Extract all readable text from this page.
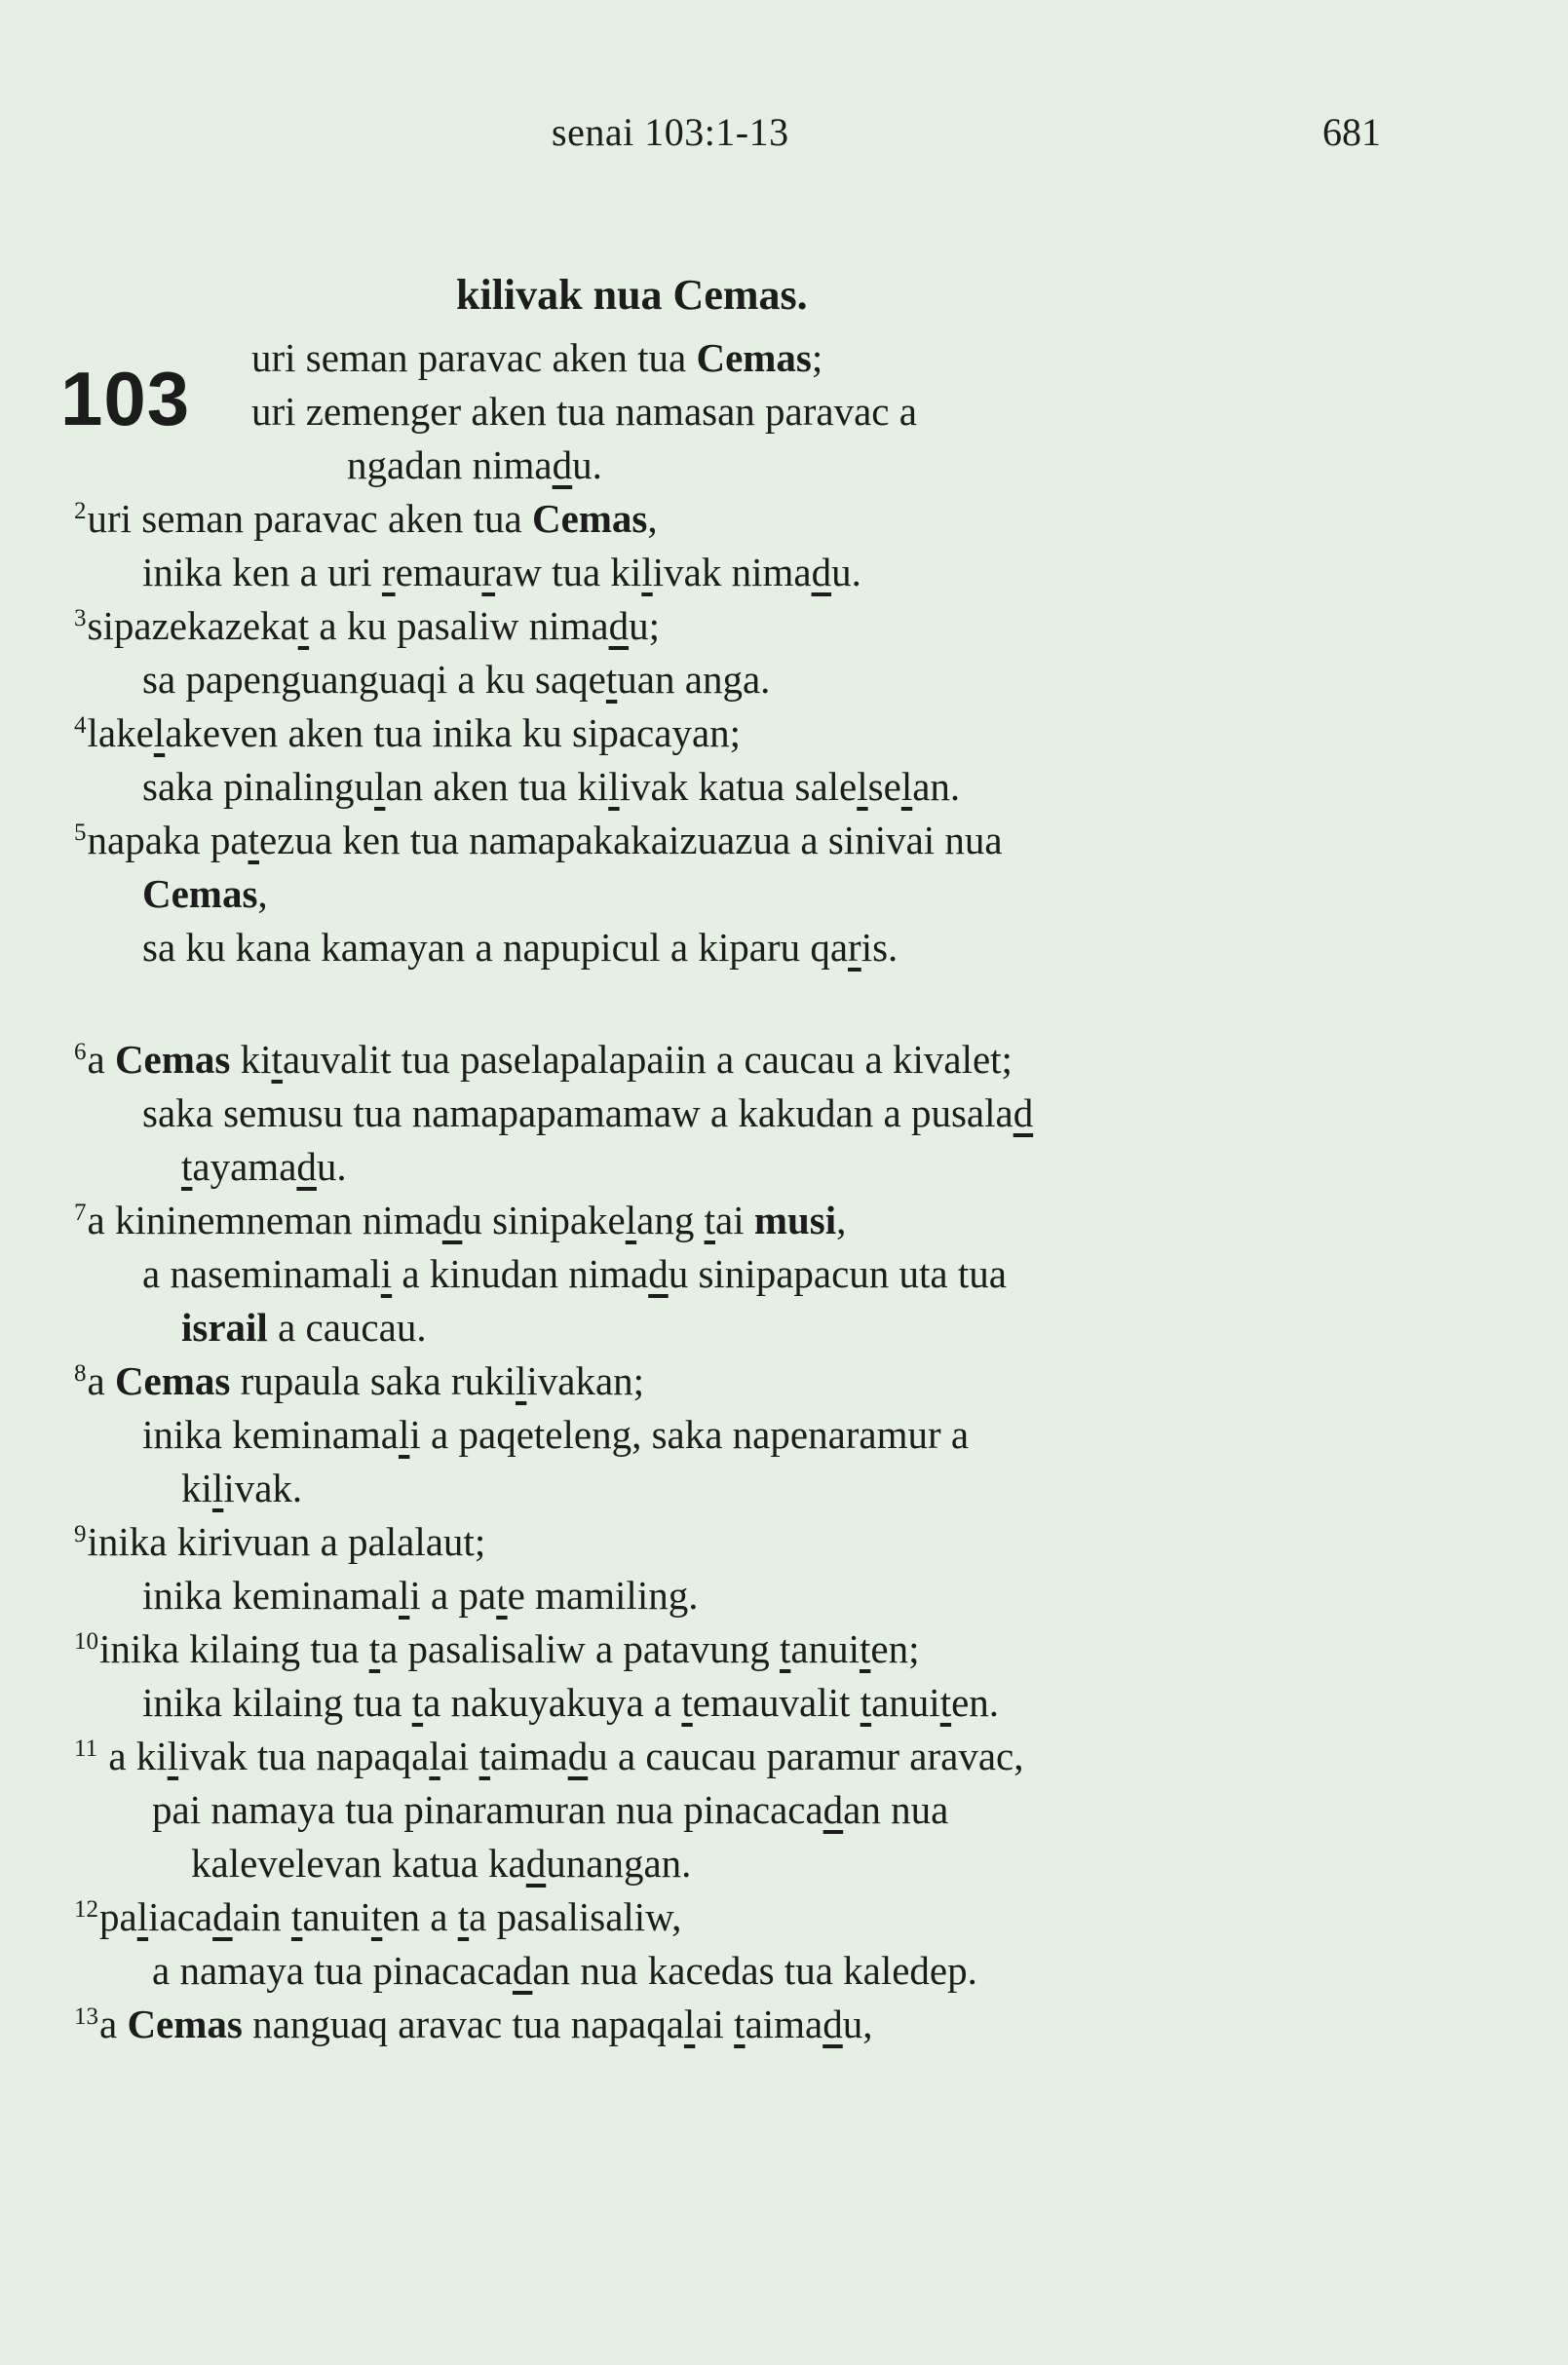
senai 103:1-13	681
103
kilivak nua Cemas.
uri seman paravac aken tua Cemas;
uri zemenger aken tua namasan paravac a
ngadan nimadu.
$^2$uri seman paravac aken tua Cemas,
inika ken a uri remauraw tua kilivak nimadu.
$^3$sipazekazekat a ku pasaliw nimadu;
sa papenguanguaqi a ku saqetuan anga.
$^4$lakelakeven aken tua inika ku sipacayan;
saka pinalingulan aken tua kilivak katua salelselan.
$^5$napaka patezua ken tua namapakakaizuazua a sinivai nua
Cemas,
sa ku kana kamayan a napupicul a kiparu qaris.
$^6$a Cemas kitauvalit tua paselapalapaiin a caucau a kivalet;
saka semusu tua namapapamamaw a kakudan a pusalad
tayamadu.
$^7$a kininemneman nimadu sinipakelang tai musi,
a naseminamali a kinudan nimadu sinipapacun uta tua
israil a caucau.
$^8$a Cemas rupaula saka rukilivakan;
inika keminamali a paqeteleng, saka napenaramur a
kilivak.
$^9$inika kirivuan a palalaut;
inika keminamali a pate mamiling.
$^{10}$inika kilaing tua ta pasalisaliw a patavung tanuiten;
inika kilaing tua ta nakuyakuya a temauvalit tanuiten.
$^{11}$ a kilivak tua napaqalai taimadu a caucau paramur aravac,
pai namaya tua pinaramuran nua pinacacadan nua
kalevelevan katua kadunangan.
$^{12}$paliacadain tanuiten a ta pasalisaliw,
a namaya tua pinacacadan nua kacedas tua kaledep.
$^{13}$a Cemas nanguaq aravac tua napaqalai taimadu,
